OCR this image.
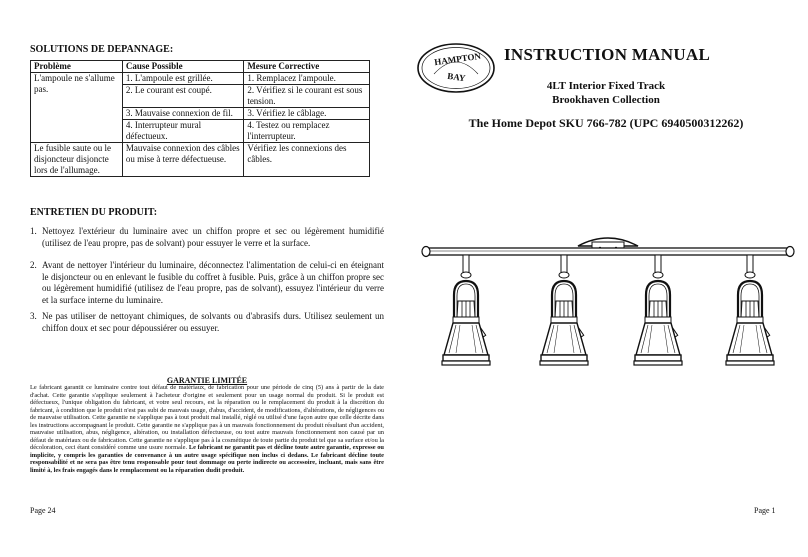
SOLUTIONS DE DEPANNAGE:
Problème	Cause Possible	Mesure Corrective
L'ampoule ne s'allume pas.	1. L'ampoule est grillée.	1. Remplacez l'ampoule.
	2. Le courant est coupé.	2. Vérifiez si le courant est sous tension.
	3. Mauvaise connexion de fil.	3. Vérifiez le câblage.
	4. Interrupteur mural défectueux.	4. Testez ou remplacez l'interrupteur.
Le fusible saute ou le disjoncteur disjoncte lors de l'allumage.	Mauvaise connexion des câbles ou mise à terre défectueuse.	Vérifiez les connexions des câbles.
ENTRETIEN DU PRODUIT:
1. Nettoyez l'extérieur du luminaire avec un chiffon propre et sec ou légèrement humidifié (utilisez de l'eau propre, pas de solvant) pour essuyer le verre et la surface.
2. Avant de nettoyer l'intérieur du luminaire, déconnectez l'alimentation de celui-ci en éteignant le disjoncteur ou en enlevant le fusible du coffret à fusible. Puis, grâce à un chiffon propre sec ou légèrement humidifié (utilisez de l'eau propre, pas de solvant), essuyez l'intérieur du verre et la surface interne du luminaire.
3. Ne pas utiliser de nettoyant chimiques, de solvants ou d'abrasifs durs. Utilisez seulement un chiffon doux et sec pour dépoussiérer ou essuyer.
GARANTIE LIMITÉE
Le fabricant garantit ce luminaire contre tout défaut de matériaux, de fabrication pour une période de cinq (5) ans à partir de la date d'achat. Cette garantie s'applique seulement à l'acheteur d'origine et seulement pour un usage normal du produit. Si le produit est défectueux, l'unique obligation du fabricant, et votre seul recours, est la réparation ou le remplacement du produit à la discrétion du fabricant, à condition que le produit n'est pas subi de mauvais usage, d'abus, d'accident, de modifications, d'altérations, de négligences ou de mauvaise utilisation. Cette garantie ne s'applique pas à tout produit mal installé, réglé ou utilisé d'une façon autre que celle décrite dans les instructions accompagnant le produit. Cette garantie ne s'applique pas à un mauvais fonctionnement du produit résultant d'un accident, mauvaise utilisation, abus, négligence, altération, ou installation défectueuse, ou tout autre mauvais fonctionnement non causé par un défaut de matériaux ou de fabrication. Cette garantie ne s'applique pas à la cosmétique de toute partie du produit tel que sa surface et/ou la décoloration, ceci étant considéré comme une usure normale. Le fabricant ne garantit pas et décline toute autre garantie, expresse ou implicite, y compris les garanties de convenance à un autre usage spécifique non inclus ci dedans. Le fabricant décline toute responsabilité et ne sera pas être tenu responsable pour tout dommage ou perte indirecte ou accessoire, incluant, mais sans être limité à, les frais engagés dans le remplacement ou la réparation dudit produit.
Page 24
HAMPTON
BAY
INSTRUCTION MANUAL
4LT Interior Fixed Track
Brookhaven Collection
The Home Depot SKU 766-782 (UPC 6940500312262)
Page 1
